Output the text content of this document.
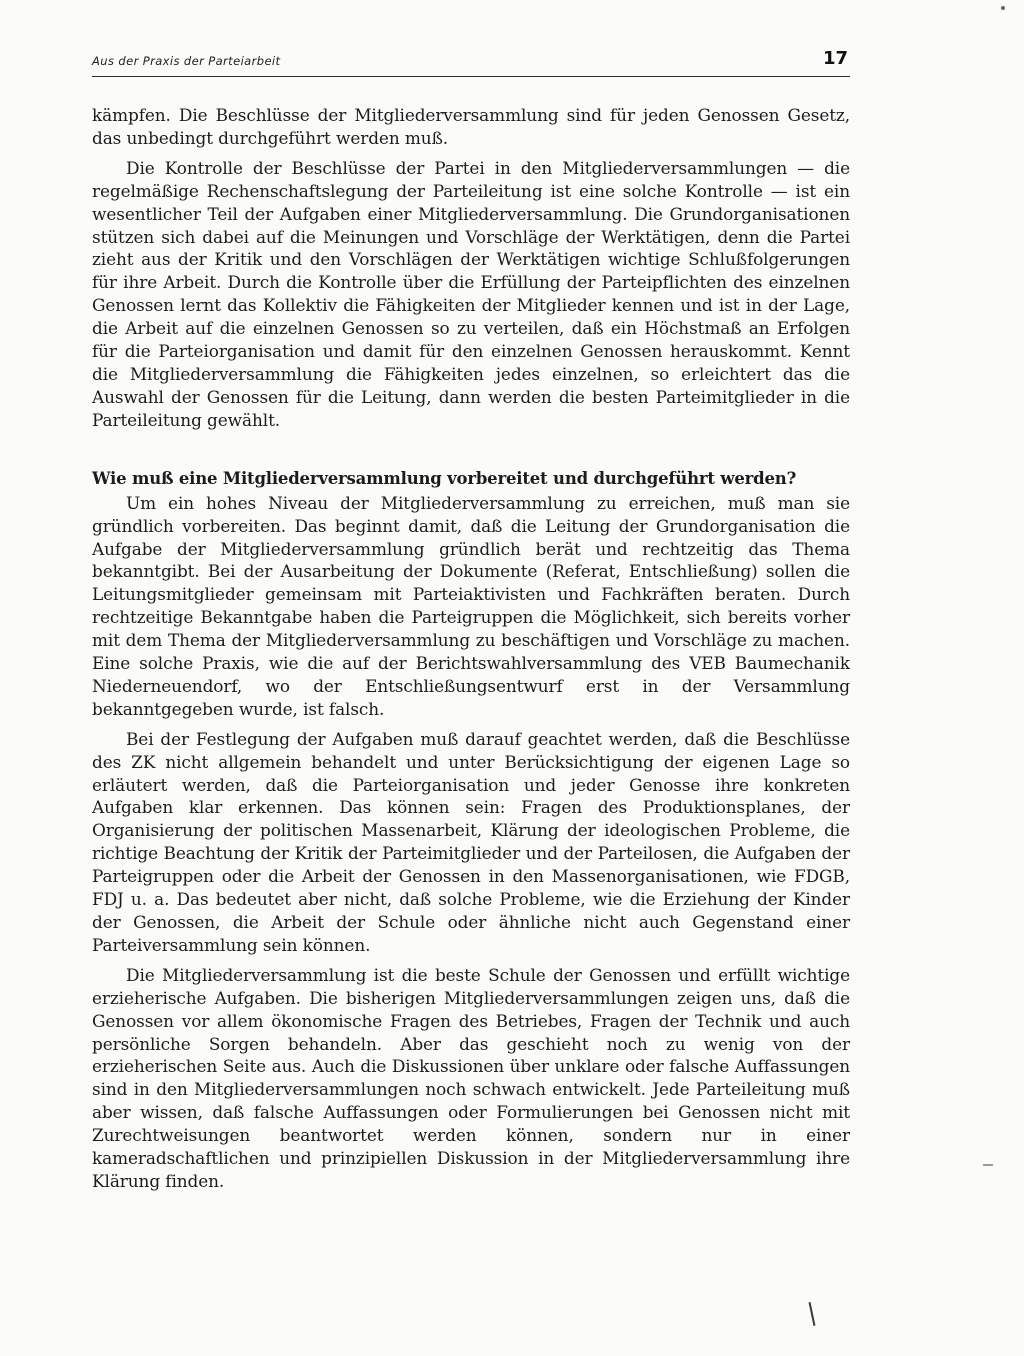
Aus der Praxis der Parteiarbeit	17

kämpfen. Die Beschlüsse der Mitgliederversammlung sind für jeden Genossen Gesetz, das unbedingt durchgeführt werden muß.

Die Kontrolle der Beschlüsse der Partei in den Mitgliederversammlungen — die regelmäßige Rechenschaftslegung der Parteileitung ist eine solche Kontrolle — ist ein wesentlicher Teil der Aufgaben einer Mitgliederversammlung. Die Grundorganisationen stützen sich dabei auf die Meinungen und Vorschläge der Werktätigen, denn die Partei zieht aus der Kritik und den Vorschlägen der Werktätigen wichtige Schlußfolgerungen für ihre Arbeit. Durch die Kontrolle über die Erfüllung der Parteipflichten des einzelnen Genossen lernt das Kollektiv die Fähigkeiten der Mitglieder kennen und ist in der Lage, die Arbeit auf die einzelnen Genossen so zu verteilen, daß ein Höchstmaß an Erfolgen für die Parteiorganisation und damit für den einzelnen Genossen herauskommt. Kennt die Mitgliederversammlung die Fähigkeiten jedes einzelnen, so erleichtert das die Auswahl der Genossen für die Leitung, dann werden die besten Parteimitglieder in die Parteileitung gewählt.

Wie muß eine Mitgliederversammlung vorbereitet und durchgeführt werden?

Um ein hohes Niveau der Mitgliederversammlung zu erreichen, muß man sie gründlich vorbereiten. Das beginnt damit, daß die Leitung der Grundorganisation die Aufgabe der Mitgliederversammlung gründlich berät und rechtzeitig das Thema bekanntgibt. Bei der Ausarbeitung der Dokumente (Referat, Entschließung) sollen die Leitungsmitglieder gemeinsam mit Parteiaktivisten und Fachkräften beraten. Durch rechtzeitige Bekanntgabe haben die Parteigruppen die Möglichkeit, sich bereits vorher mit dem Thema der Mitgliederversammlung zu beschäftigen und Vorschläge zu machen. Eine solche Praxis, wie die auf der Berichtswahlversammlung des VEB Baumechanik Niederneuendorf, wo der Entschließungsentwurf erst in der Versammlung bekanntgegeben wurde, ist falsch.

Bei der Festlegung der Aufgaben muß darauf geachtet werden, daß die Beschlüsse des ZK nicht allgemein behandelt und unter Berücksichtigung der eigenen Lage so erläutert werden, daß die Parteiorganisation und jeder Genosse ihre konkreten Aufgaben klar erkennen. Das können sein: Fragen des Produktionsplanes, der Organisierung der politischen Massenarbeit, Klärung der ideologischen Probleme, die richtige Beachtung der Kritik der Parteimitglieder und der Parteilosen, die Aufgaben der Parteigruppen oder die Arbeit der Genossen in den Massenorganisationen, wie FDGB, FDJ u. a. Das bedeutet aber nicht, daß solche Probleme, wie die Erziehung der Kinder der Genossen, die Arbeit der Schule oder ähnliche nicht auch Gegenstand einer Parteiversammlung sein können.

Die Mitgliederversammlung ist die beste Schule der Genossen und erfüllt wichtige erzieherische Aufgaben. Die bisherigen Mitgliederversammlungen zeigen uns, daß die Genossen vor allem ökonomische Fragen des Betriebes, Fragen der Technik und auch persönliche Sorgen behandeln. Aber das geschieht noch zu wenig von der erzieherischen Seite aus. Auch die Diskussionen über unklare oder falsche Auffassungen sind in den Mitgliederversammlungen noch schwach entwickelt. Jede Parteileitung muß aber wissen, daß falsche Auffassungen oder Formulierungen bei Genossen nicht mit Zurechtweisungen beantwortet werden können, sondern nur in einer kameradschaftlichen und prinzipiellen Diskussion in der Mitgliederversammlung ihre Klärung finden.
